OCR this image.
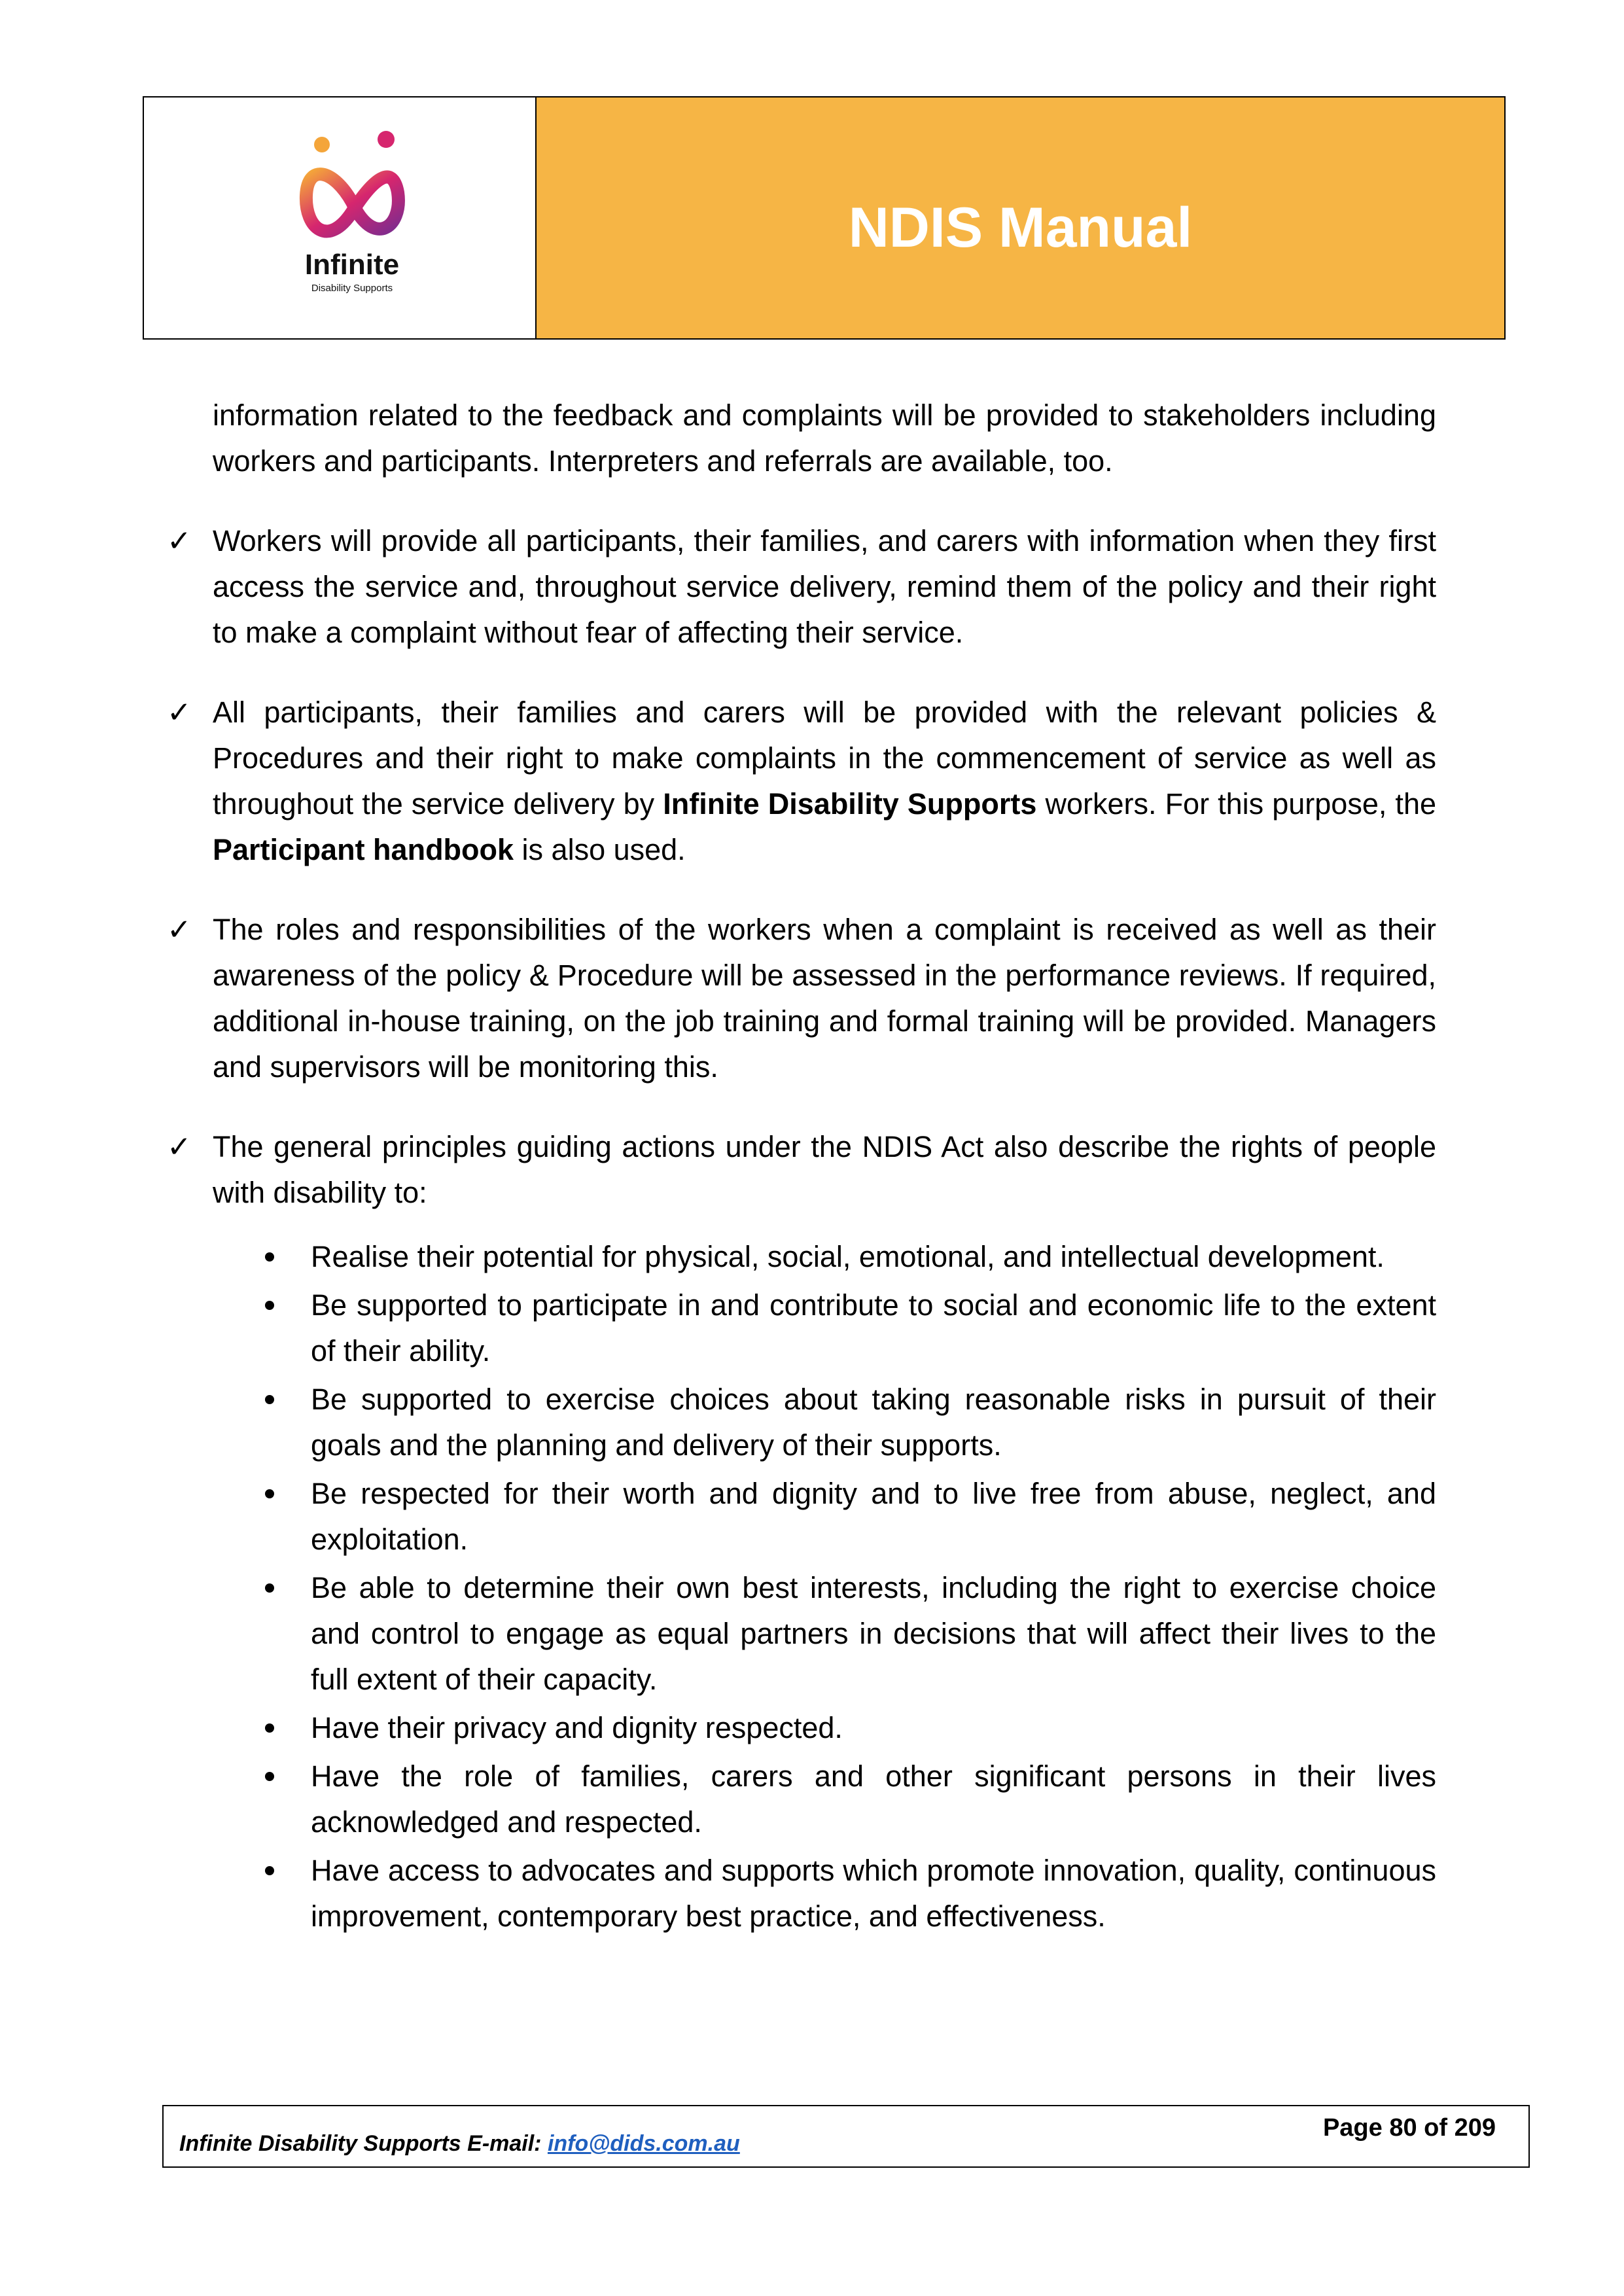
Infinite
Disability Supports
NDIS Manual

information related to the feedback and complaints will be provided to stakeholders including workers and participants. Interpreters and referrals are available, too.

✓ Workers will provide all participants, their families, and carers with information when they first access the service and, throughout service delivery, remind them of the policy and their right to make a complaint without fear of affecting their service.

✓ All participants, their families and carers will be provided with the relevant policies & Procedures and their right to make complaints in the commencement of service as well as throughout the service delivery by Infinite Disability Supports workers. For this purpose, the Participant handbook is also used.

✓ The roles and responsibilities of the workers when a complaint is received as well as their awareness of the policy & Procedure will be assessed in the performance reviews. If required, additional in-house training, on the job training and formal training will be provided. Managers and supervisors will be monitoring this.

✓ The general principles guiding actions under the NDIS Act also describe the rights of people with disability to:

Realise their potential for physical, social, emotional, and intellectual development.

Be supported to participate in and contribute to social and economic life to the extent of their ability.

Be supported to exercise choices about taking reasonable risks in pursuit of their goals and the planning and delivery of their supports.

Be respected for their worth and dignity and to live free from abuse, neglect, and exploitation.

Be able to determine their own best interests, including the right to exercise choice and control to engage as equal partners in decisions that will affect their lives to the full extent of their capacity.

Have their privacy and dignity respected.

Have the role of families, carers and other significant persons in their lives acknowledged and respected.

Have access to advocates and supports which promote innovation, quality, continuous improvement, contemporary best practice, and effectiveness.

Infinite Disability Supports E-mail: info@dids.com.au
Page 80 of 209
